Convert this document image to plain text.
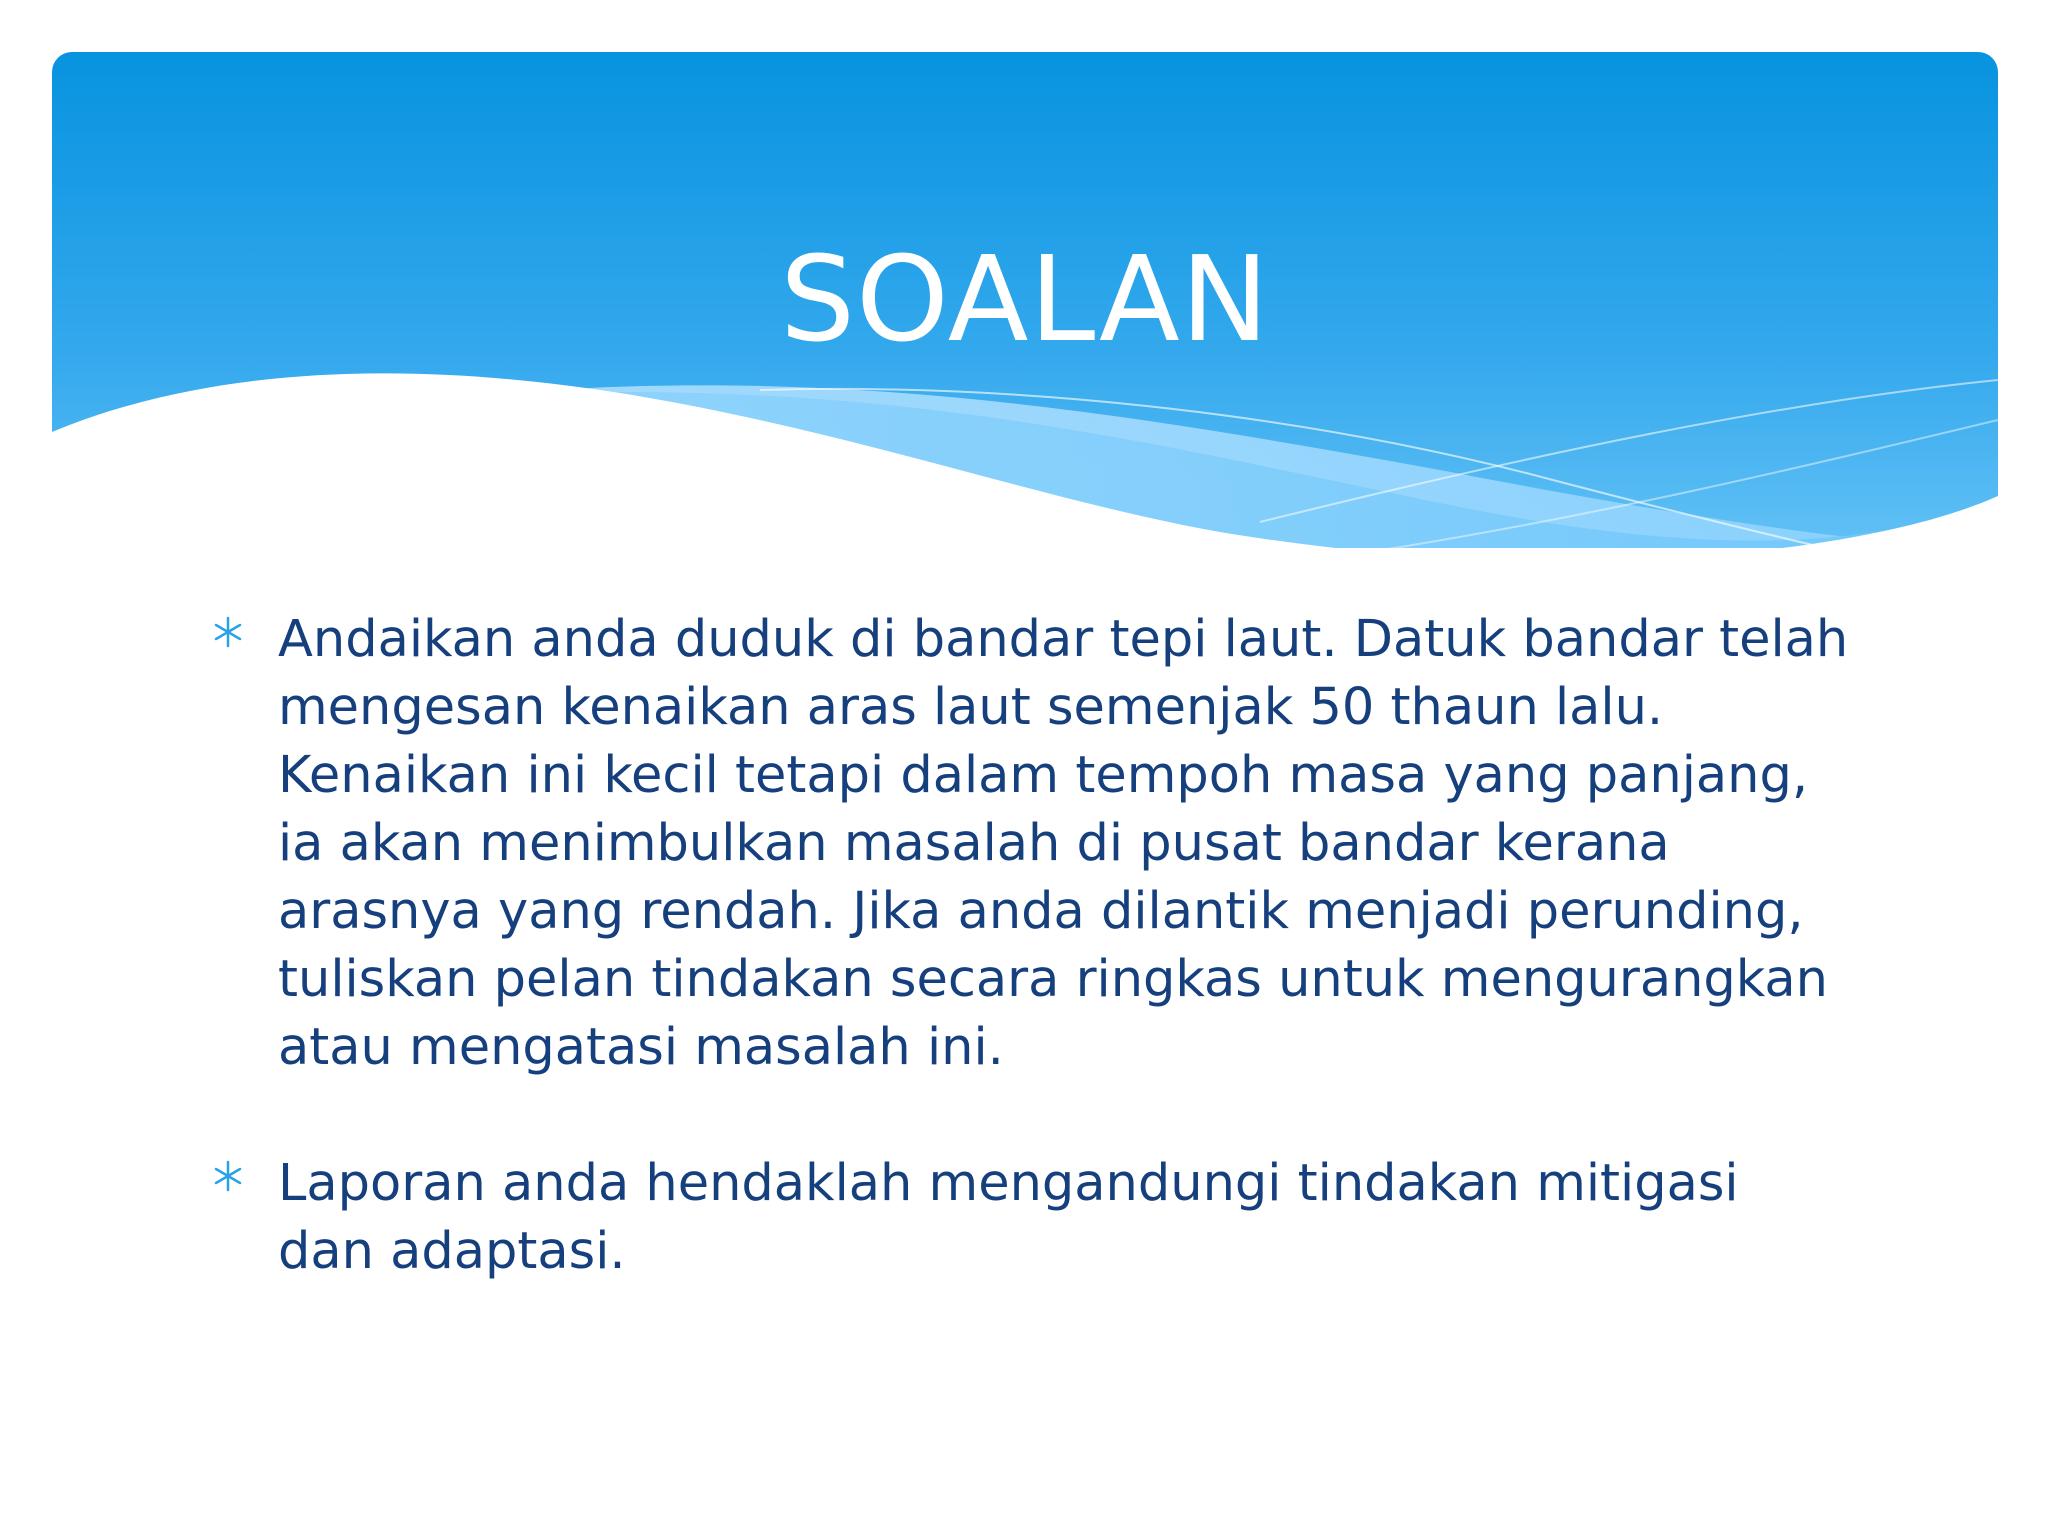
SOALAN
Andaikan anda duduk di bandar tepi laut. Datuk bandar telah mengesan kenaikan aras laut semenjak 50 thaun lalu. Kenaikan ini kecil tetapi dalam tempoh masa yang panjang, ia akan menimbulkan masalah di pusat bandar kerana arasnya yang rendah. Jika anda dilantik menjadi perunding, tuliskan pelan tindakan secara ringkas untuk mengurangkan atau mengatasi masalah ini.
Laporan anda hendaklah mengandungi tindakan mitigasi dan adaptasi.
